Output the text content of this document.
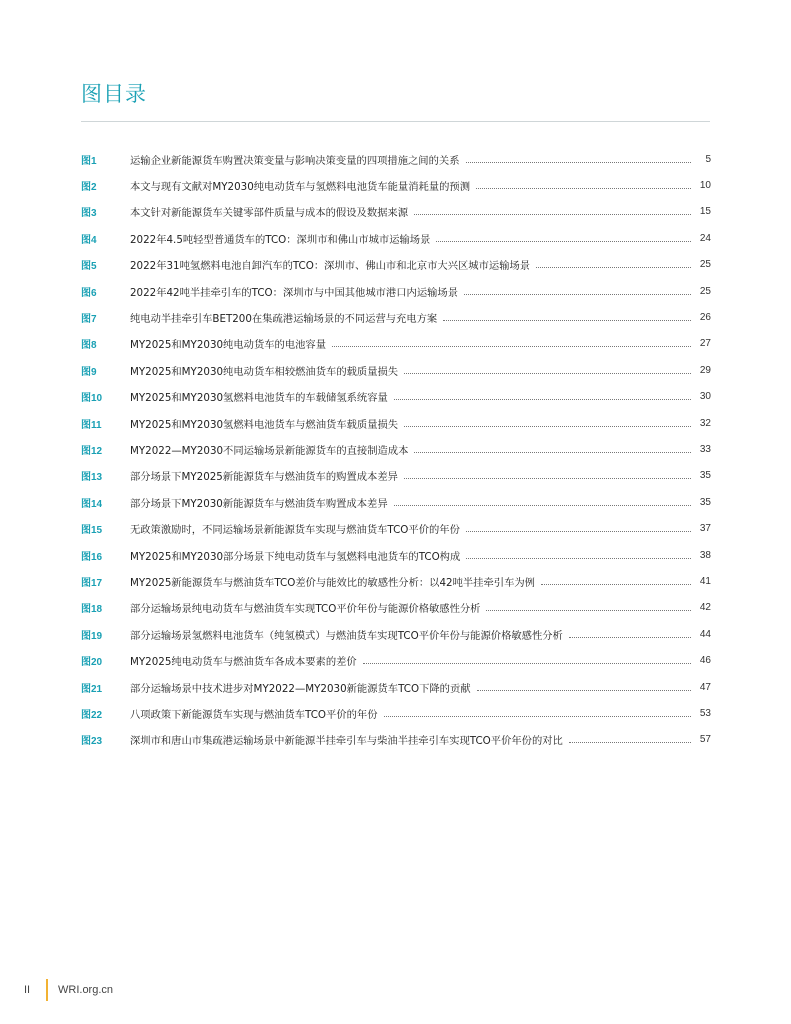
图目录
图1	运输企业新能源货车购置决策变量与影响决策变量的四项措施之间的关系	5
图2	本文与现有文献对MY2030纯电动货车与氢燃料电池货车能量消耗量的预测	10
图3	本文针对新能源货车关键零部件质量与成本的假设及数据来源	15
图4	2022年4.5吨轻型普通货车的TCO：深圳市和佛山市城市运输场景	24
图5	2022年31吨氢燃料电池自卸汽车的TCO：深圳市、佛山市和北京市大兴区城市运输场景	25
图6	2022年42吨半挂牵引车的TCO：深圳市与中国其他城市港口内运输场景	25
图7	纯电动半挂牵引车BET200在集疏港运输场景的不同运营与充电方案	26
图8	MY2025和MY2030纯电动货车的电池容量	27
图9	MY2025和MY2030纯电动货车相较燃油货车的载质量损失	29
图10	MY2025和MY2030氢燃料电池货车的车载储氢系统容量	30
图11	MY2025和MY2030氢燃料电池货车与燃油货车载质量损失	32
图12	MY2022—MY2030不同运输场景新能源货车的直接制造成本	33
图13	部分场景下MY2025新能源货车与燃油货车的购置成本差异	35
图14	部分场景下MY2030新能源货车与燃油货车购置成本差异	35
图15	无政策激励时，不同运输场景新能源货车实现与燃油货车TCO平价的年份	37
图16	MY2025和MY2030部分场景下纯电动货车与氢燃料电池货车的TCO构成	38
图17	MY2025新能源货车与燃油货车TCO差价与能效比的敏感性分析：以42吨半挂牵引车为例	41
图18	部分运输场景纯电动货车与燃油货车实现TCO平价年份与能源价格敏感性分析	42
图19	部分运输场景氢燃料电池货车（纯氢模式）与燃油货车实现TCO平价年份与能源价格敏感性分析	44
图20	MY2025纯电动货车与燃油货车各成本要素的差价	46
图21	部分运输场景中技术进步对MY2022—MY2030新能源货车TCO下降的贡献	47
图22	八项政策下新能源货车实现与燃油货车TCO平价的年份	53
图23	深圳市和唐山市集疏港运输场景中新能源半挂牵引车与柴油半挂牵引车实现TCO平价年份的对比	57
II	WRI.org.cn
